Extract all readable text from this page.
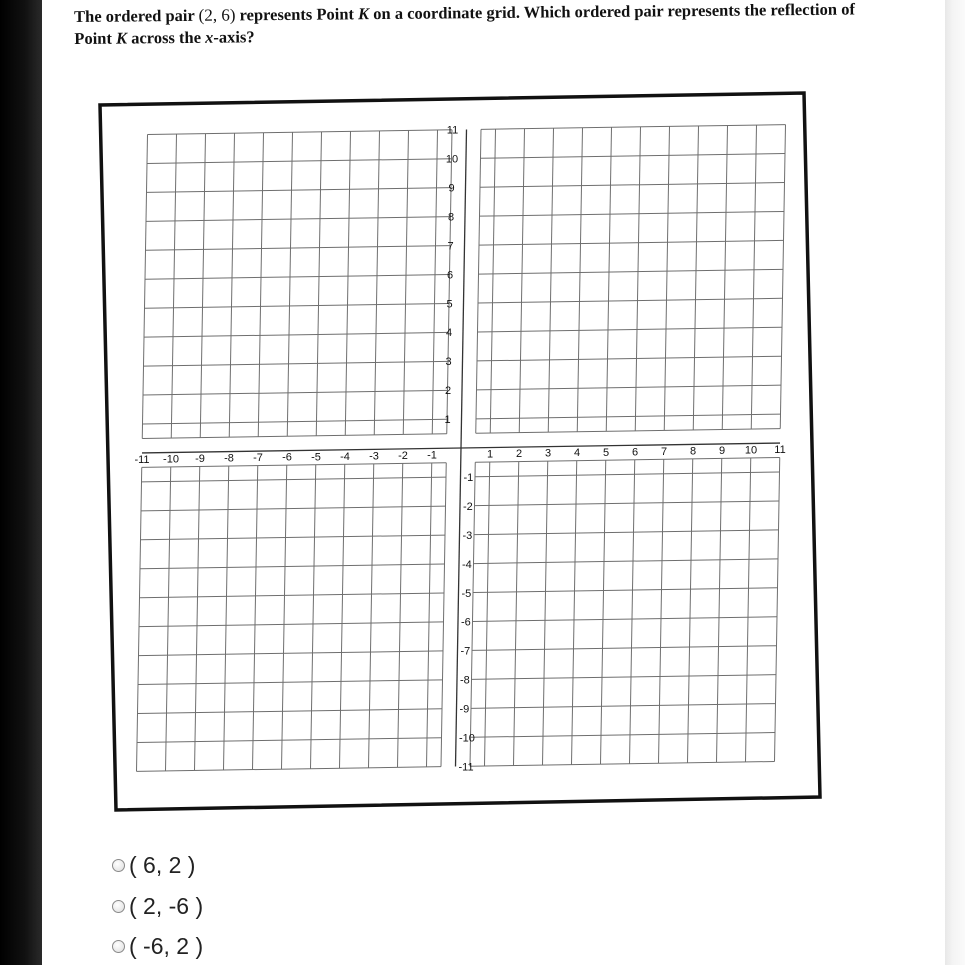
The ordered pair (2, 6) represents Point K on a coordinate grid. Which ordered pair represents the reflection of Point K across the x-axis?
-11 -10 -9 -8 -7 -6 -5 -4 -3 -2 -1	1 2 3 4 5 6 7 8 9 10 11
11
10
9
8
7
6
5
4
3
2
1
-1
-2
-3
-4
-5
-6
-7
-8
-9
-10
-11
( 6, 2 )
( 2, -6 )
( -6, 2 )
